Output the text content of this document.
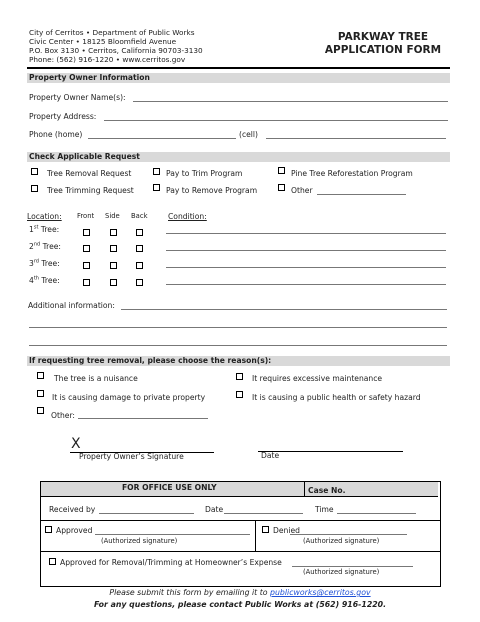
City of Cerritos • Department of Public Works
Civic Center • 18125 Bloomfield Avenue
P.O. Box 3130 • Cerritos, California 90703-3130
Phone: (562) 916-1220 • www.cerritos.gov
PARKWAY TREE
APPLICATION FORM
Property Owner Information
Property Owner Name(s):
Property Address:
Phone (home)	(cell)
Check Applicable Request
Tree Removal Request	Pay to Trim Program	Pine Tree Reforestation Program
Tree Trimming Request	Pay to Remove Program	Other
Location: Front Side Back	Condition:
1st Tree:
2nd Tree:
3rd Tree:
4th Tree:
Additional information:
If requesting tree removal, please choose the reason(s):
The tree is a nuisance	It requires excessive maintenance
It is causing damage to private property	It is causing a public health or safety hazard
Other:
X
Property Owner’s Signature	Date
FOR OFFICE USE ONLY	Case No.
Received by	Date	Time
Approved
(Authorized signature)
Denied
(Authorized signature)
Approved for Removal/Trimming at Homeowner’s Expense
(Authorized signature)
Please submit this form by emailing it to publicworks@cerritos.gov
For any questions, please contact Public Works at (562) 916-1220.
